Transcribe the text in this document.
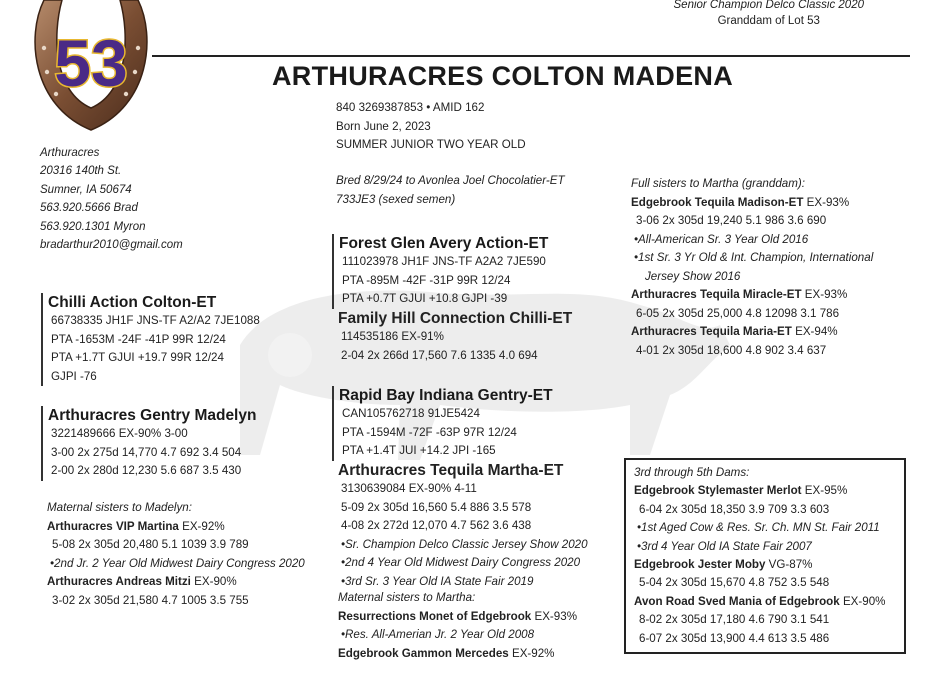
53
Senior Champion Delco Classic 2020
Granddam of Lot 53
ARTHURACRES COLTON MADENA
840 3269387853 • AMID 162
Born June 2, 2023
SUMMER JUNIOR TWO YEAR OLD
Bred 8/29/24 to Avonlea Joel Chocolatier-ET
733JE3 (sexed semen)
Arthuracres
20316 140th St.
Sumner, IA 50674
563.920.5666 Brad
563.920.1301 Myron
bradarthur2010@gmail.com
Chilli Action Colton-ET
66738335 JH1F JNS-TF A2/A2 7JE1088
PTA -1653M -24F -41P 99R 12/24
PTA +1.7T GJUI +19.7 99R 12/24
GJPI -76
Arthuracres Gentry Madelyn
3221489666 EX-90% 3-00
3-00 2x 275d 14,770 4.7 692 3.4 504
2-00 2x 280d 12,230 5.6 687 3.5 430
Maternal sisters to Madelyn:
Arthuracres VIP Martina EX-92%
5-08 2x 305d 20,480 5.1 1039 3.9 789
•2nd Jr. 2 Year Old Midwest Dairy Congress 2020
Arthuracres Andreas Mitzi EX-90%
3-02 2x 305d 21,580 4.7 1005 3.5 755
Forest Glen Avery Action-ET
111023978 JH1F JNS-TF A2A2 7JE590
PTA -895M -42F -31P 99R 12/24
PTA +0.7T GJUI +10.8 GJPI -39
Family Hill Connection Chilli-ET
114535186 EX-91%
2-04 2x 266d 17,560 7.6 1335 4.0 694
Rapid Bay Indiana Gentry-ET
CAN105762718 91JE5424
PTA -1594M -72F -63P 97R 12/24
PTA +1.4T JUI +14.2 JPI -165
Arthuracres Tequila Martha-ET
3130639084 EX-90% 4-11
5-09 2x 305d 16,560 5.4 886 3.5 578
4-08 2x 272d 12,070 4.7 562 3.6 438
•Sr. Champion Delco Classic Jersey Show 2020
•2nd 4 Year Old Midwest Dairy Congress 2020
•3rd Sr. 3 Year Old IA State Fair 2019
Maternal sisters to Martha:
Resurrections Monet of Edgebrook EX-93%
•Res. All-Amerian Jr. 2 Year Old 2008
Edgebrook Gammon Mercedes EX-92%
Full sisters to Martha (granddam):
Edgebrook Tequila Madison-ET EX-93%
3-06 2x 305d 19,240 5.1 986 3.6 690
•All-American Sr. 3 Year Old 2016
•1st Sr. 3 Yr Old & Int. Champion, International
Jersey Show 2016
Arthuracres Tequila Miracle-ET EX-93%
6-05 2x 305d 25,000 4.8 12098 3.1 786
Arthuracres Tequila Maria-ET EX-94%
4-01 2x 305d 18,600 4.8 902 3.4 637
3rd through 5th Dams:
Edgebrook Stylemaster Merlot EX-95%
6-04 2x 305d 18,350 3.9 709 3.3 603
•1st Aged Cow & Res. Sr. Ch. MN St. Fair 2011
•3rd 4 Year Old IA State Fair 2007
Edgebrook Jester Moby VG-87%
5-04 2x 305d 15,670 4.8 752 3.5 548
Avon Road Sved Mania of Edgebrook EX-90%
8-02 2x 305d 17,180 4.6 790 3.1 541
6-07 2x 305d 13,900 4.4 613 3.5 486
